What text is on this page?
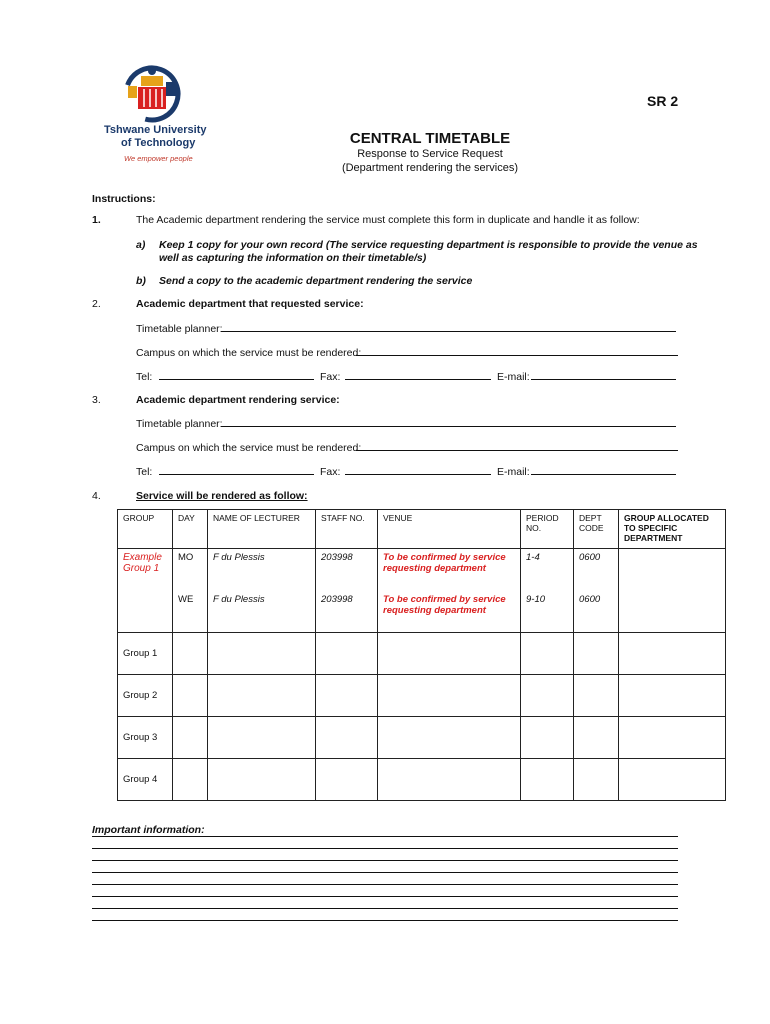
Tshwane University
of Technology
We empower people
SR 2
CENTRAL TIMETABLE
Response to Service Request
(Department rendering the services)
Instructions:
1.	The Academic department rendering the service must complete this form in duplicate and handle it as follow:
a) Keep 1 copy for your own record (The service requesting department is responsible to provide the venue as
well as capturing the information on their timetable/s)
b) Send a copy to the academic department rendering the service
2.	Academic department that requested service:
Timetable planner:
Campus on which the service must be rendered:
Tel:	Fax:	E-mail:
3.	Academic department rendering service:
Timetable planner:
Campus on which the service must be rendered:
Tel:	Fax:	E-mail:
4.	Service will be rendered as follow:
GROUP	DAY	NAME OF LECTURER	STAFF NO.	VENUE	PERIOD NO.	DEPT CODE	GROUP ALLOCATED TO SPECIFIC DEPARTMENT
Example Group 1	MO	F du Plessis	203998	To be confirmed by service requesting department	1-4	0600	
	WE	F du Plessis	203998	To be confirmed by service requesting department	9-10	0600	
Group 1							
Group 2							
Group 3							
Group 4							
Important information:
